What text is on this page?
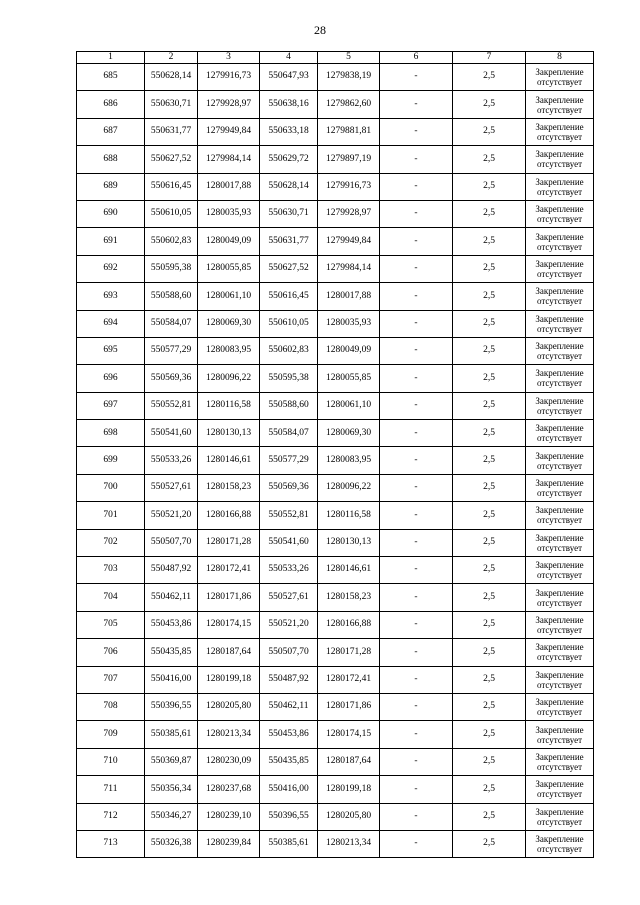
28
1	2	3	4	5	6	7	8
685	550628,14	1279916,73	550647,93	1279838,19	-	2,5	Закрепление отсутствует
686	550630,71	1279928,97	550638,16	1279862,60	-	2,5	Закрепление отсутствует
687	550631,77	1279949,84	550633,18	1279881,81	-	2,5	Закрепление отсутствует
688	550627,52	1279984,14	550629,72	1279897,19	-	2,5	Закрепление отсутствует
689	550616,45	1280017,88	550628,14	1279916,73	-	2,5	Закрепление отсутствует
690	550610,05	1280035,93	550630,71	1279928,97	-	2,5	Закрепление отсутствует
691	550602,83	1280049,09	550631,77	1279949,84	-	2,5	Закрепление отсутствует
692	550595,38	1280055,85	550627,52	1279984,14	-	2,5	Закрепление отсутствует
693	550588,60	1280061,10	550616,45	1280017,88	-	2,5	Закрепление отсутствует
694	550584,07	1280069,30	550610,05	1280035,93	-	2,5	Закрепление отсутствует
695	550577,29	1280083,95	550602,83	1280049,09	-	2,5	Закрепление отсутствует
696	550569,36	1280096,22	550595,38	1280055,85	-	2,5	Закрепление отсутствует
697	550552,81	1280116,58	550588,60	1280061,10	-	2,5	Закрепление отсутствует
698	550541,60	1280130,13	550584,07	1280069,30	-	2,5	Закрепление отсутствует
699	550533,26	1280146,61	550577,29	1280083,95	-	2,5	Закрепление отсутствует
700	550527,61	1280158,23	550569,36	1280096,22	-	2,5	Закрепление отсутствует
701	550521,20	1280166,88	550552,81	1280116,58	-	2,5	Закрепление отсутствует
702	550507,70	1280171,28	550541,60	1280130,13	-	2,5	Закрепление отсутствует
703	550487,92	1280172,41	550533,26	1280146,61	-	2,5	Закрепление отсутствует
704	550462,11	1280171,86	550527,61	1280158,23	-	2,5	Закрепление отсутствует
705	550453,86	1280174,15	550521,20	1280166,88	-	2,5	Закрепление отсутствует
706	550435,85	1280187,64	550507,70	1280171,28	-	2,5	Закрепление отсутствует
707	550416,00	1280199,18	550487,92	1280172,41	-	2,5	Закрепление отсутствует
708	550396,55	1280205,80	550462,11	1280171,86	-	2,5	Закрепление отсутствует
709	550385,61	1280213,34	550453,86	1280174,15	-	2,5	Закрепление отсутствует
710	550369,87	1280230,09	550435,85	1280187,64	-	2,5	Закрепление отсутствует
711	550356,34	1280237,68	550416,00	1280199,18	-	2,5	Закрепление отсутствует
712	550346,27	1280239,10	550396,55	1280205,80	-	2,5	Закрепление отсутствует
713	550326,38	1280239,84	550385,61	1280213,34	-	2,5	Закрепление отсутствует
